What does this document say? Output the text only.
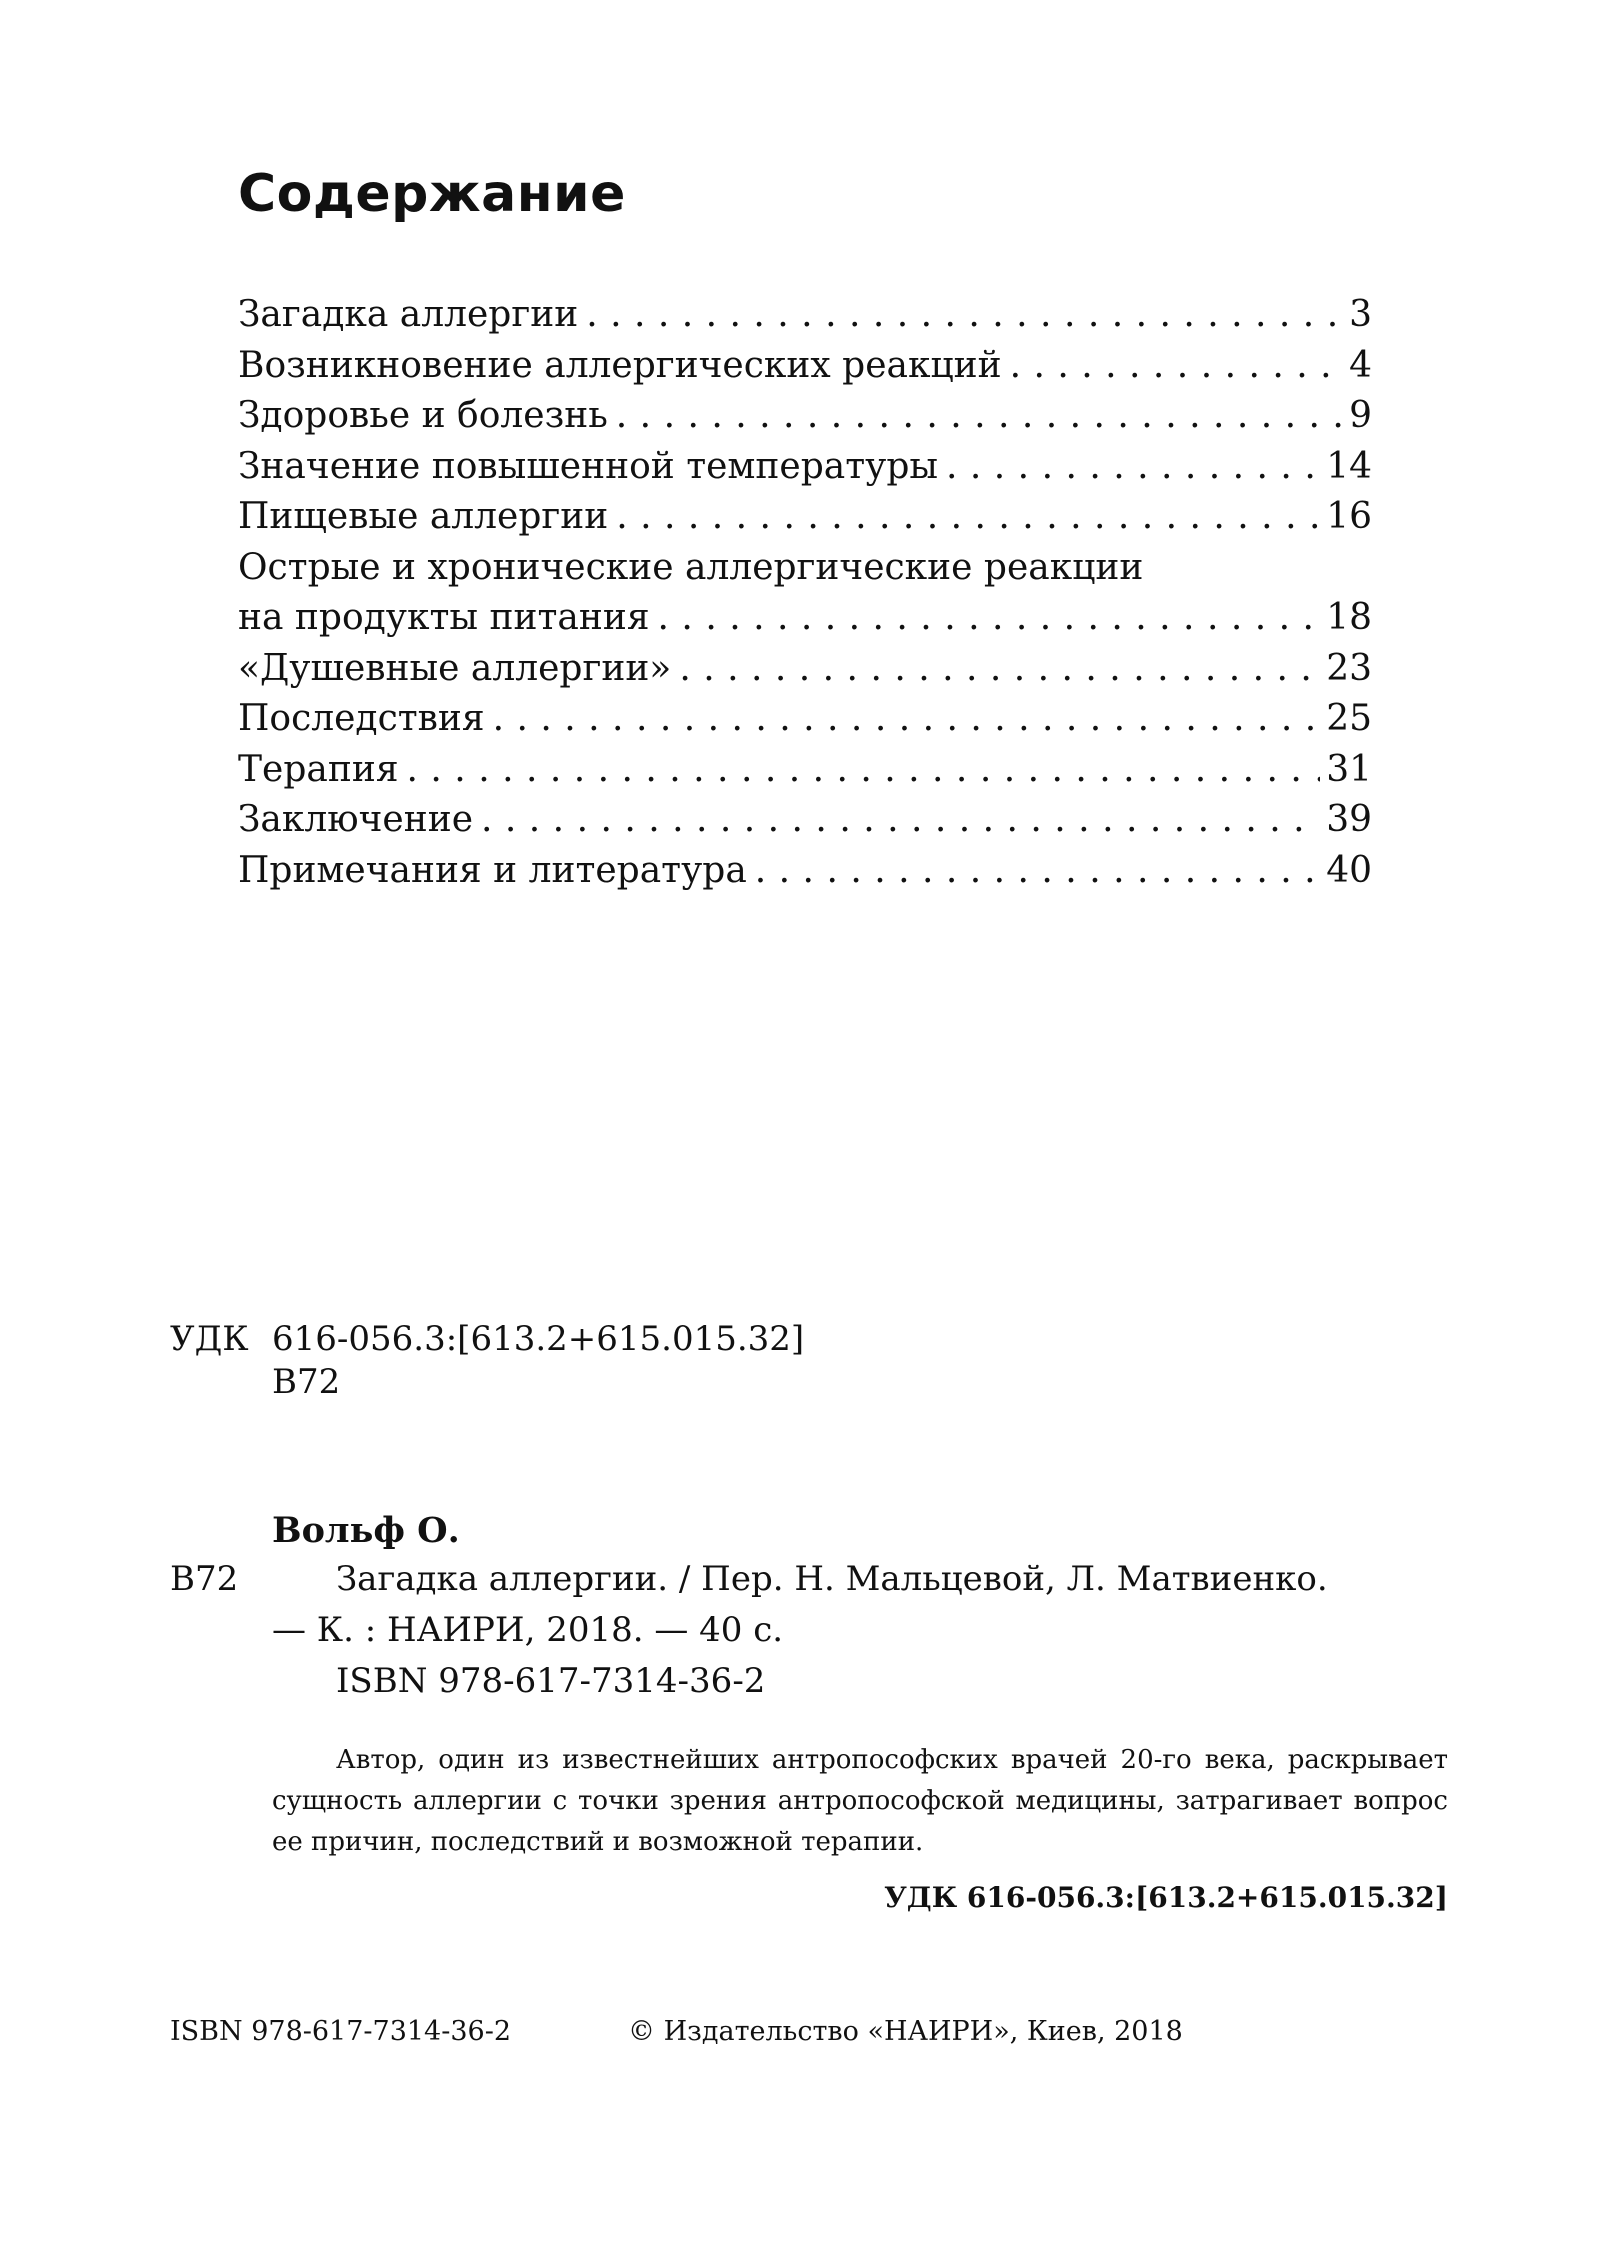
Содержание
Загадка аллергии . . .	3
Возникновение аллергических реакций . . .	4
Здоровье и болезнь . . .	9
Значение повышенной температуры . . .	14
Пищевые аллергии . . .	16
Острые и хронические аллергические реакции
на продукты питания . . .	18
«Душевные аллергии» . . .	23
Последствия . . .	25
Терапия . . .	31
Заключение . . .	39
Примечания и литература . . .	40
УДК 616-056.3:[613.2+615.015.32]
В72
Вольф О.
В72	Загадка аллергии. / Пер. Н. Мальцевой, Л. Матвиенко.
— К. : НАИРИ, 2018. — 40 с.
ISBN 978-617-7314-36-2

Автор, один из известнейших антропософских врачей 20-го века, раскрывает сущность аллергии с точки зрения антропософской медицины, затрагивает вопрос ее причин, последствий и возможной терапии.

УДК 616-056.3:[613.2+615.015.32]
ISBN 978-617-7314-36-2	© Издательство «НАИРИ», Киев, 2018
